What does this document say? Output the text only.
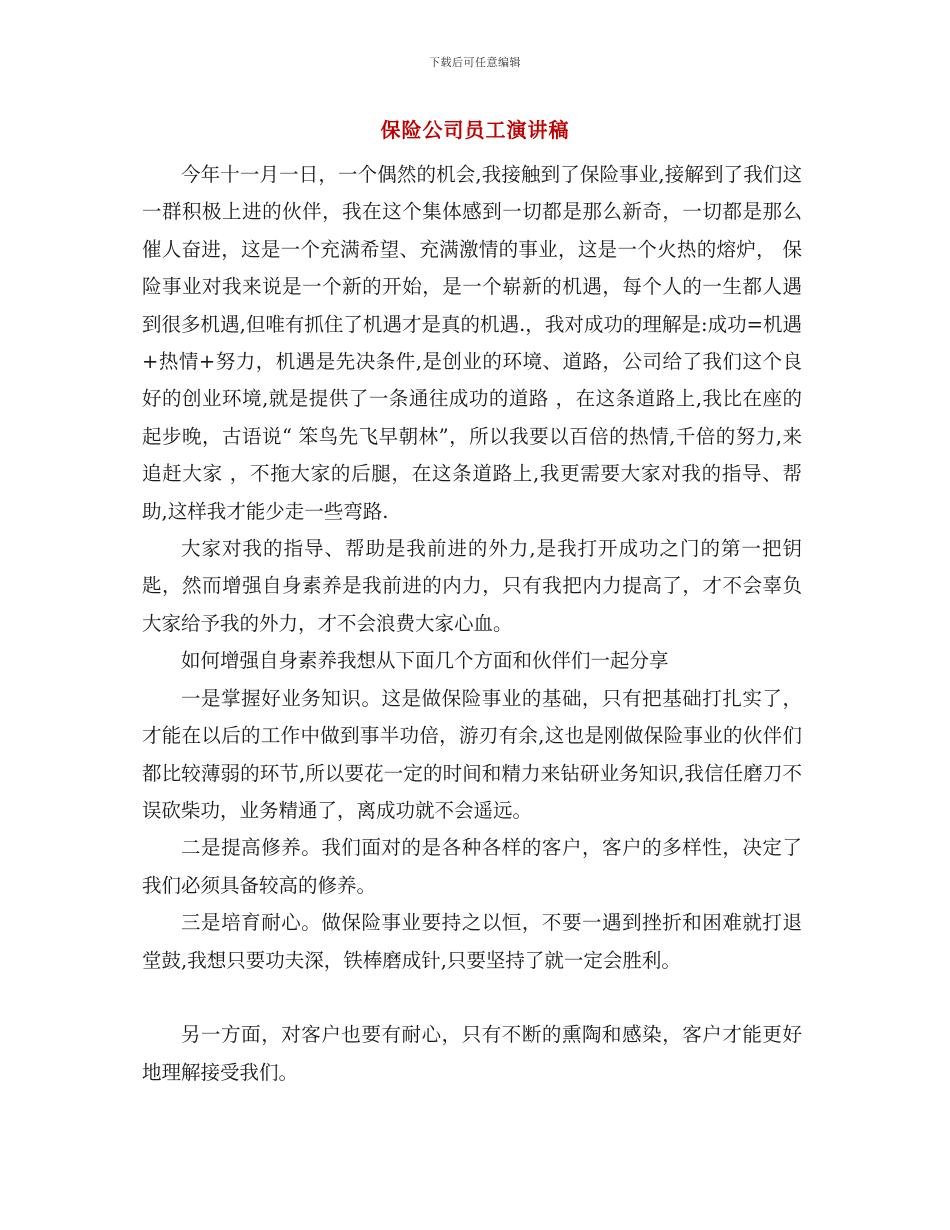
下载后可任意编辑
保险公司员工演讲稿

今年十一月一日，一个偶然的机会,我接触到了保险事业,接解到了我们这一群积极上进的伙伴，我在这个集体感到一切都是那么新奇，一切都是那么催人奋进，这是一个充满希望、充满激情的事业，这是一个火热的熔炉， 保险事业对我来说是一个新的开始，是一个崭新的机遇，每个人的一生都人遇到很多机遇,但唯有抓住了机遇才是真的机遇.，我对成功的理解是:成功=机遇+热情+努力，机遇是先决条件,是创业的环境、道路，公司给了我们这个良好的创业环境,就是提供了一条通往成功的道路 ，在这条道路上,我比在座的起步晚，古语说“ 笨鸟先飞早朝林”，所以我要以百倍的热情,千倍的努力,来追赶大家 ，不拖大家的后腿，在这条道路上,我更需要大家对我的指导、帮助,这样我才能少走一些弯路.

大家对我的指导、帮助是我前进的外力,是我打开成功之门的第一把钥匙，然而增强自身素养是我前进的内力，只有我把内力提高了，才不会辜负大家给予我的外力，才不会浪费大家心血。

如何增强自身素养我想从下面几个方面和伙伴们一起分享

一是掌握好业务知识。这是做保险事业的基础，只有把基础打扎实了，才能在以后的工作中做到事半功倍，游刃有余,这也是刚做保险事业的伙伴们都比较薄弱的环节,所以要花一定的时间和精力来钻研业务知识,我信任磨刀不误砍柴功，业务精通了，离成功就不会遥远。

二是提高修养。我们面对的是各种各样的客户，客户的多样性，决定了我们必须具备较高的修养。

三是培育耐心。做保险事业要持之以恒，不要一遇到挫折和困难就打退堂鼓,我想只要功夫深，铁棒磨成针,只要坚持了就一定会胜利。

另一方面，对客户也要有耐心，只有不断的熏陶和感染，客户才能更好地理解接受我们。
